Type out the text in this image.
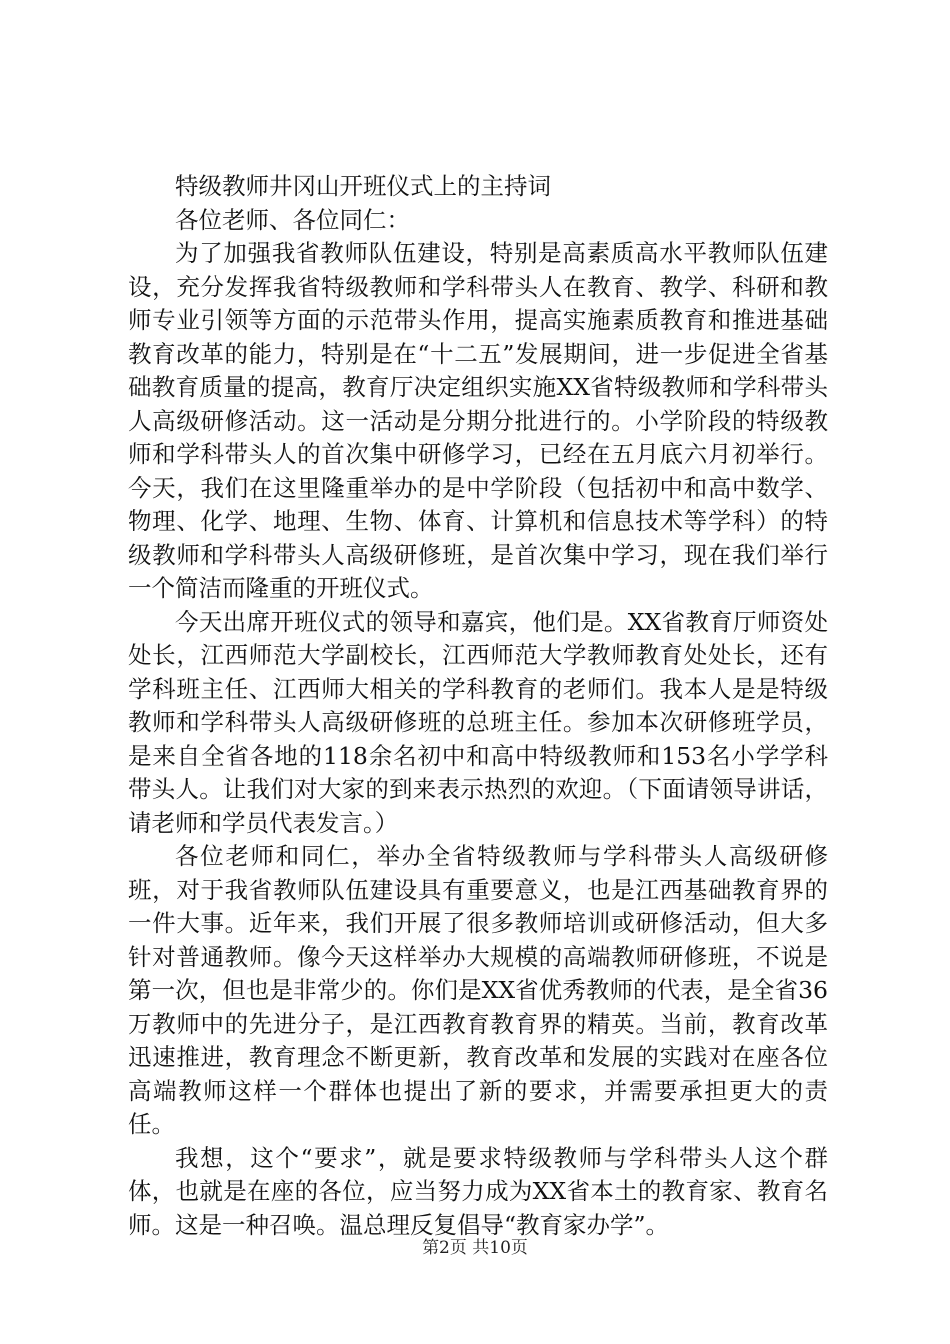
特级教师井冈山开班仪式上的主持词

各位老师、各位同仁：

为了加强我省教师队伍建设，特别是高素质高水平教师队伍建设，充分发挥我省特级教师和学科带头人在教育、教学、科研和教师专业引领等方面的示范带头作用，提高实施素质教育和推进基础教育改革的能力，特别是在“十二五”发展期间，进一步促进全省基础教育质量的提高，教育厅决定组织实施XX省特级教师和学科带头人高级研修活动。这一活动是分期分批进行的。小学阶段的特级教师和学科带头人的首次集中研修学习，已经在五月底六月初举行。今天，我们在这里隆重举办的是中学阶段（包括初中和高中数学、物理、化学、地理、生物、体育、计算机和信息技术等学科）的特级教师和学科带头人高级研修班，是首次集中学习，现在我们举行一个简洁而隆重的开班仪式。

今天出席开班仪式的领导和嘉宾，他们是。XX省教育厅师资处处长，江西师范大学副校长，江西师范大学教师教育处处长，还有学科班主任、江西师大相关的学科教育的老师们。我本人是是特级教师和学科带头人高级研修班的总班主任。参加本次研修班学员，是来自全省各地的118余名初中和高中特级教师和153名小学学科带头人。让我们对大家的到来表示热烈的欢迎。（下面请领导讲话，请老师和学员代表发言。）

各位老师和同仁，举办全省特级教师与学科带头人高级研修班，对于我省教师队伍建设具有重要意义，也是江西基础教育界的一件大事。近年来，我们开展了很多教师培训或研修活动，但大多针对普通教师。像今天这样举办大规模的高端教师研修班，不说是第一次，但也是非常少的。你们是XX省优秀教师的代表，是全省36万教师中的先进分子，是江西教育教育界的精英。当前，教育改革迅速推进，教育理念不断更新，教育改革和发展的实践对在座各位高端教师这样一个群体也提出了新的要求，并需要承担更大的责任。

我想，这个“要求”，就是要求特级教师与学科带头人这个群体，也就是在座的各位，应当努力成为XX省本土的教育家、教育名师。这是一种召唤。温总理反复倡导“教育家办学”。

第2页 共10页
